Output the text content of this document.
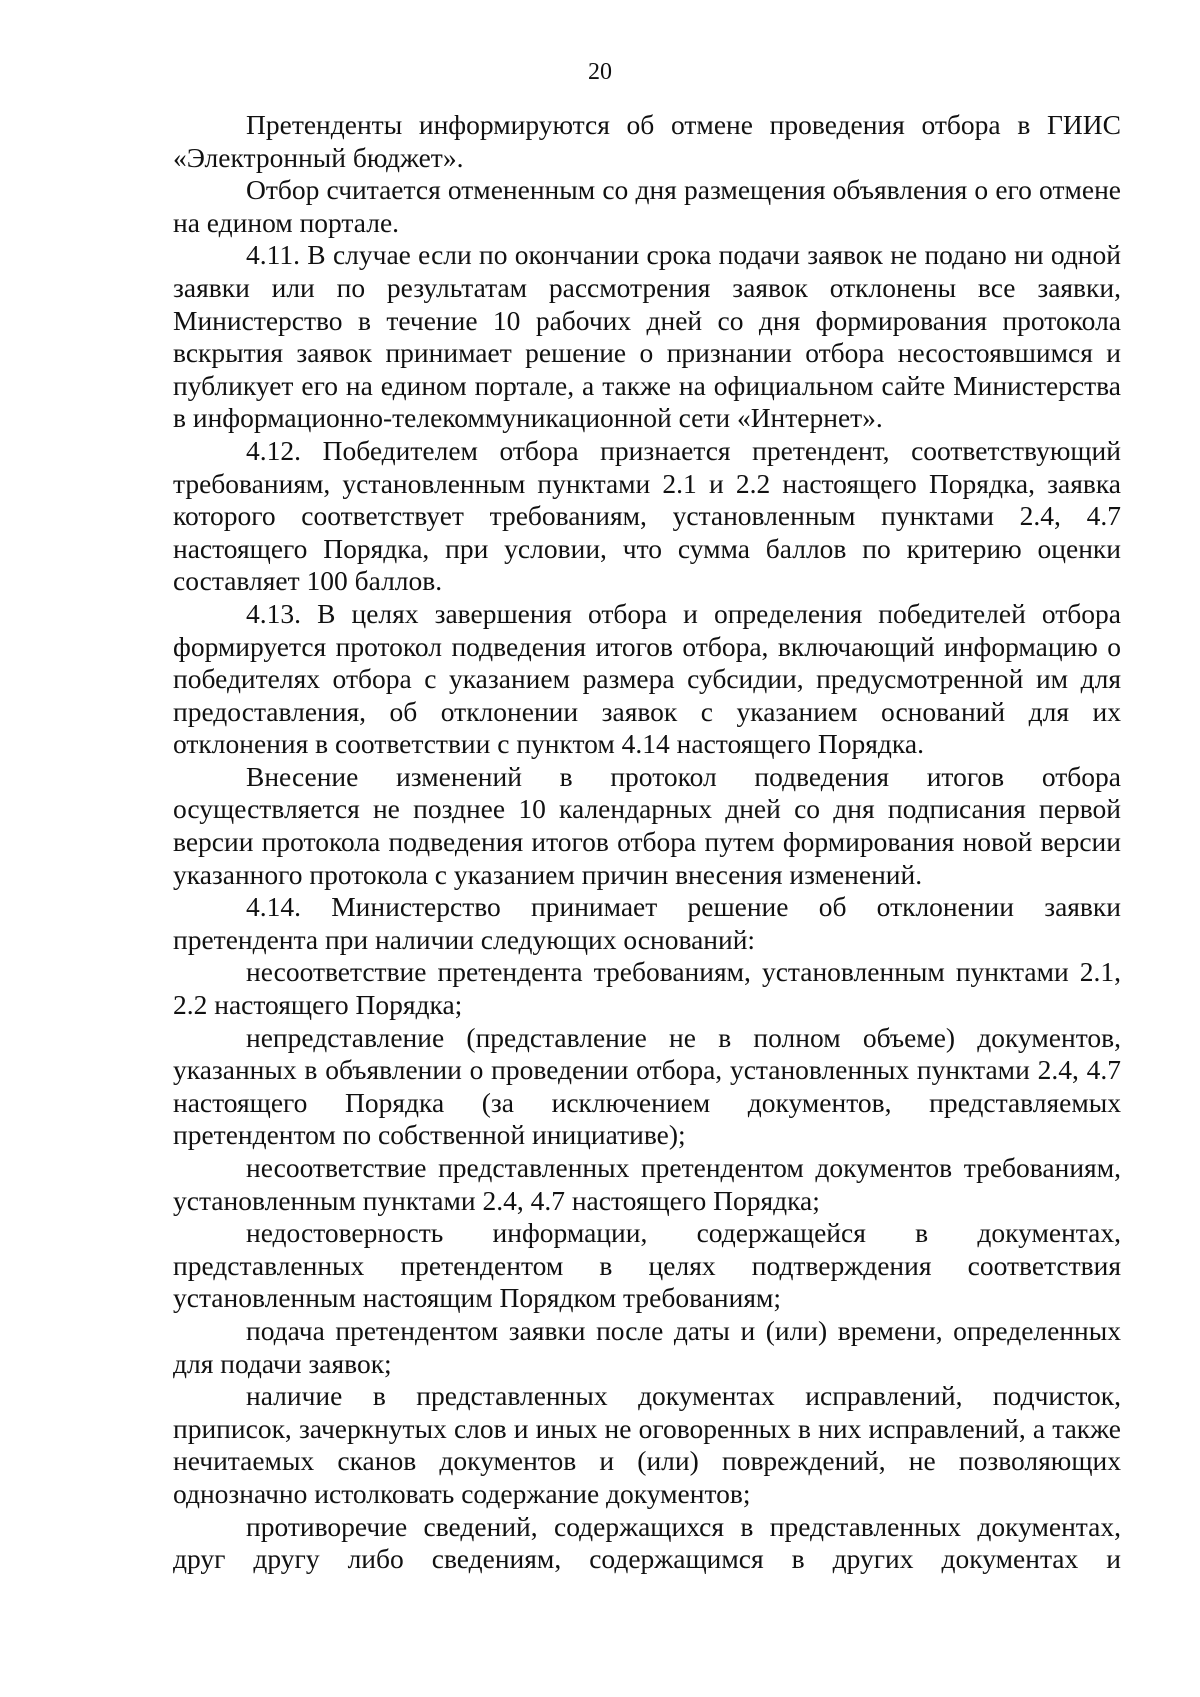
20

Претенденты информируются об отмене проведения отбора в ГИИС «Электронный бюджет».

Отбор считается отмененным со дня размещения объявления о его отмене на едином портале.

4.11. В случае если по окончании срока подачи заявок не подано ни одной заявки или по результатам рассмотрения заявок отклонены все заявки, Министерство в течение 10 рабочих дней со дня формирования протокола вскрытия заявок принимает решение о признании отбора несостоявшимся и публикует его на едином портале, а также на официальном сайте Министерства в информационно-телекоммуникационной сети «Интернет».

4.12. Победителем отбора признается претендент, соответствующий требованиям, установленным пунктами 2.1 и 2.2 настоящего Порядка, заявка которого соответствует требованиям, установленным пунктами 2.4, 4.7 настоящего Порядка, при условии, что сумма баллов по критерию оценки составляет 100 баллов.

4.13. В целях завершения отбора и определения победителей отбора формируется протокол подведения итогов отбора, включающий информацию о победителях отбора с указанием размера субсидии, предусмотренной им для предоставления, об отклонении заявок с указанием оснований для их отклонения в соответствии с пунктом 4.14 настоящего Порядка.

Внесение изменений в протокол подведения итогов отбора осуществляется не позднее 10 календарных дней со дня подписания первой версии протокола подведения итогов отбора путем формирования новой версии указанного протокола с указанием причин внесения изменений.

4.14. Министерство принимает решение об отклонении заявки претендента при наличии следующих оснований:

несоответствие претендента требованиям, установленным пунктами 2.1, 2.2 настоящего Порядка;

непредставление (представление не в полном объеме) документов, указанных в объявлении о проведении отбора, установленных пунктами 2.4, 4.7 настоящего Порядка (за исключением документов, представляемых претендентом по собственной инициативе);

несоответствие представленных претендентом документов требованиям, установленным пунктами 2.4, 4.7 настоящего Порядка;

недостоверность информации, содержащейся в документах, представленных претендентом в целях подтверждения соответствия установленным настоящим Порядком требованиям;

подача претендентом заявки после даты и (или) времени, определенных для подачи заявок;

наличие в представленных документах исправлений, подчисток, приписок, зачеркнутых слов и иных не оговоренных в них исправлений, а также нечитаемых сканов документов и (или) повреждений, не позволяющих однозначно истолковать содержание документов;

противоречие сведений, содержащихся в представленных документах, друг другу либо сведениям, содержащимся в других документах и
